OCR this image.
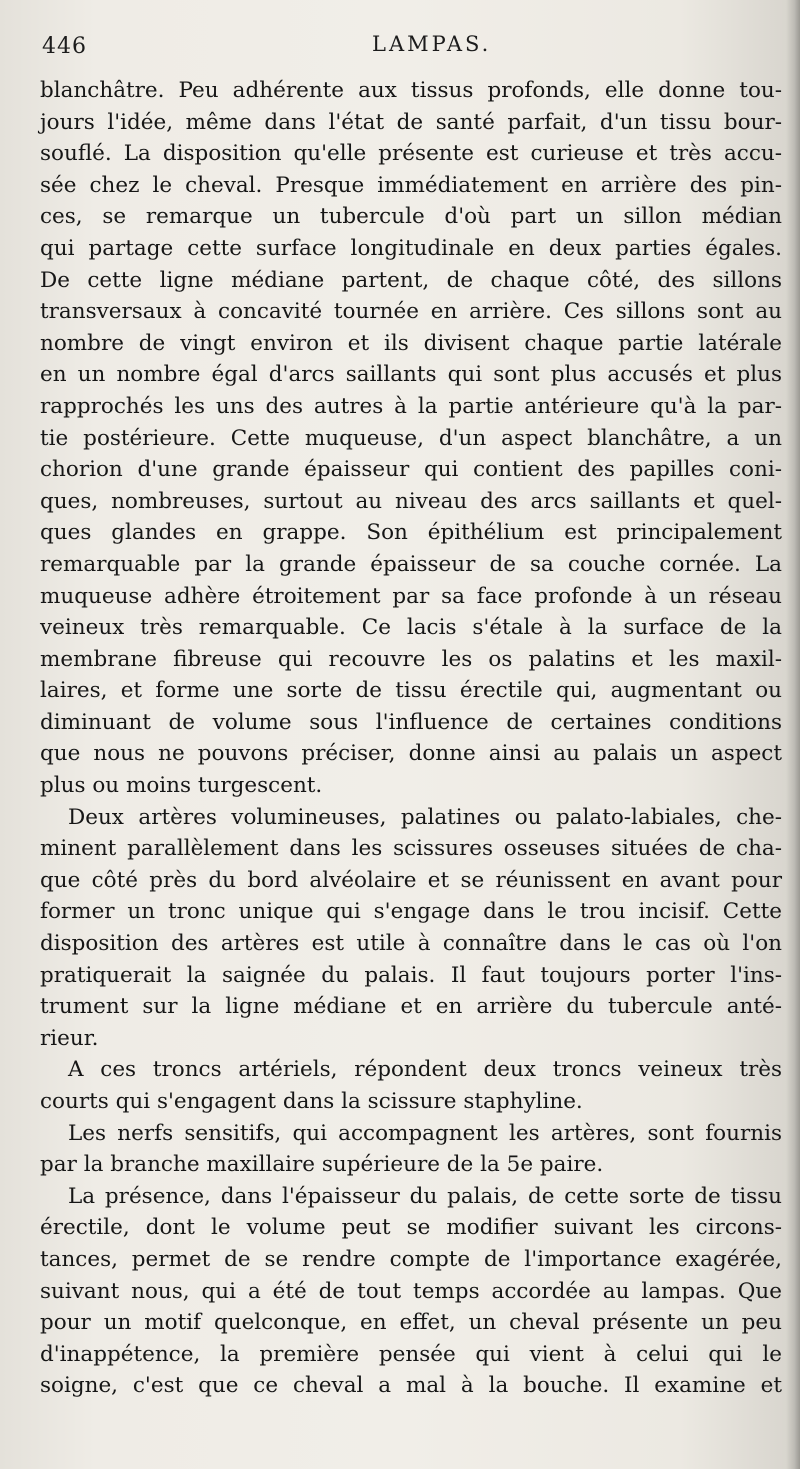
446	LAMPAS.
blanchâtre. Peu adhérente aux tissus profonds, elle donne tou-
jours l'idée, même dans l'état de santé parfait, d'un tissu bour-
souflé. La disposition qu'elle présente est curieuse et très accu-
sée chez le cheval. Presque immédiatement en arrière des pin-
ces, se remarque un tubercule d'où part un sillon médian
qui partage cette surface longitudinale en deux parties égales.
De cette ligne médiane partent, de chaque côté, des sillons
transversaux à concavité tournée en arrière. Ces sillons sont au
nombre de vingt environ et ils divisent chaque partie latérale
en un nombre égal d'arcs saillants qui sont plus accusés et plus
rapprochés les uns des autres à la partie antérieure qu'à la par-
tie postérieure. Cette muqueuse, d'un aspect blanchâtre, a un
chorion d'une grande épaisseur qui contient des papilles coni-
ques, nombreuses, surtout au niveau des arcs saillants et quel-
ques glandes en grappe. Son épithélium est principalement
remarquable par la grande épaisseur de sa couche cornée. La
muqueuse adhère étroitement par sa face profonde à un réseau
veineux très remarquable. Ce lacis s'étale à la surface de la
membrane fibreuse qui recouvre les os palatins et les maxil-
laires, et forme une sorte de tissu érectile qui, augmentant ou
diminuant de volume sous l'influence de certaines conditions
que nous ne pouvons préciser, donne ainsi au palais un aspect
plus ou moins turgescent.
Deux artères volumineuses, palatines ou palato-labiales, che-
minent parallèlement dans les scissures osseuses situées de cha-
que côté près du bord alvéolaire et se réunissent en avant pour
former un tronc unique qui s'engage dans le trou incisif. Cette
disposition des artères est utile à connaître dans le cas où l'on
pratiquerait la saignée du palais. Il faut toujours porter l'ins-
trument sur la ligne médiane et en arrière du tubercule anté-
rieur.
A ces troncs artériels, répondent deux troncs veineux très
courts qui s'engagent dans la scissure staphyline.
Les nerfs sensitifs, qui accompagnent les artères, sont fournis
par la branche maxillaire supérieure de la 5e paire.
La présence, dans l'épaisseur du palais, de cette sorte de tissu
érectile, dont le volume peut se modifier suivant les circons-
tances, permet de se rendre compte de l'importance exagérée,
suivant nous, qui a été de tout temps accordée au lampas. Que
pour un motif quelconque, en effet, un cheval présente un peu
d'inappétence, la première pensée qui vient à celui qui le
soigne, c'est que ce cheval a mal à la bouche. Il examine et
